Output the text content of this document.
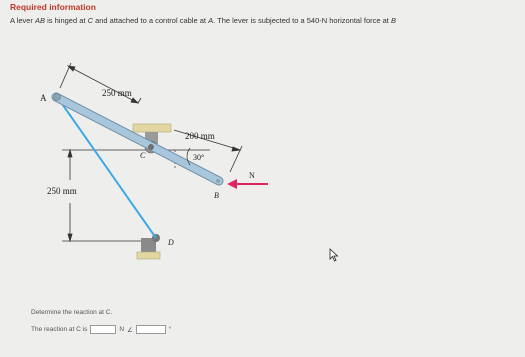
Required information
A lever AB is hinged at C and attached to a control cable at A. The lever is subjected to a 540-N horizontal force at B
250 mm
200 mm
250 mm
30°
N
A
B
C
D
Determine the reaction at C.
The reaction at C is	N ∠	°
